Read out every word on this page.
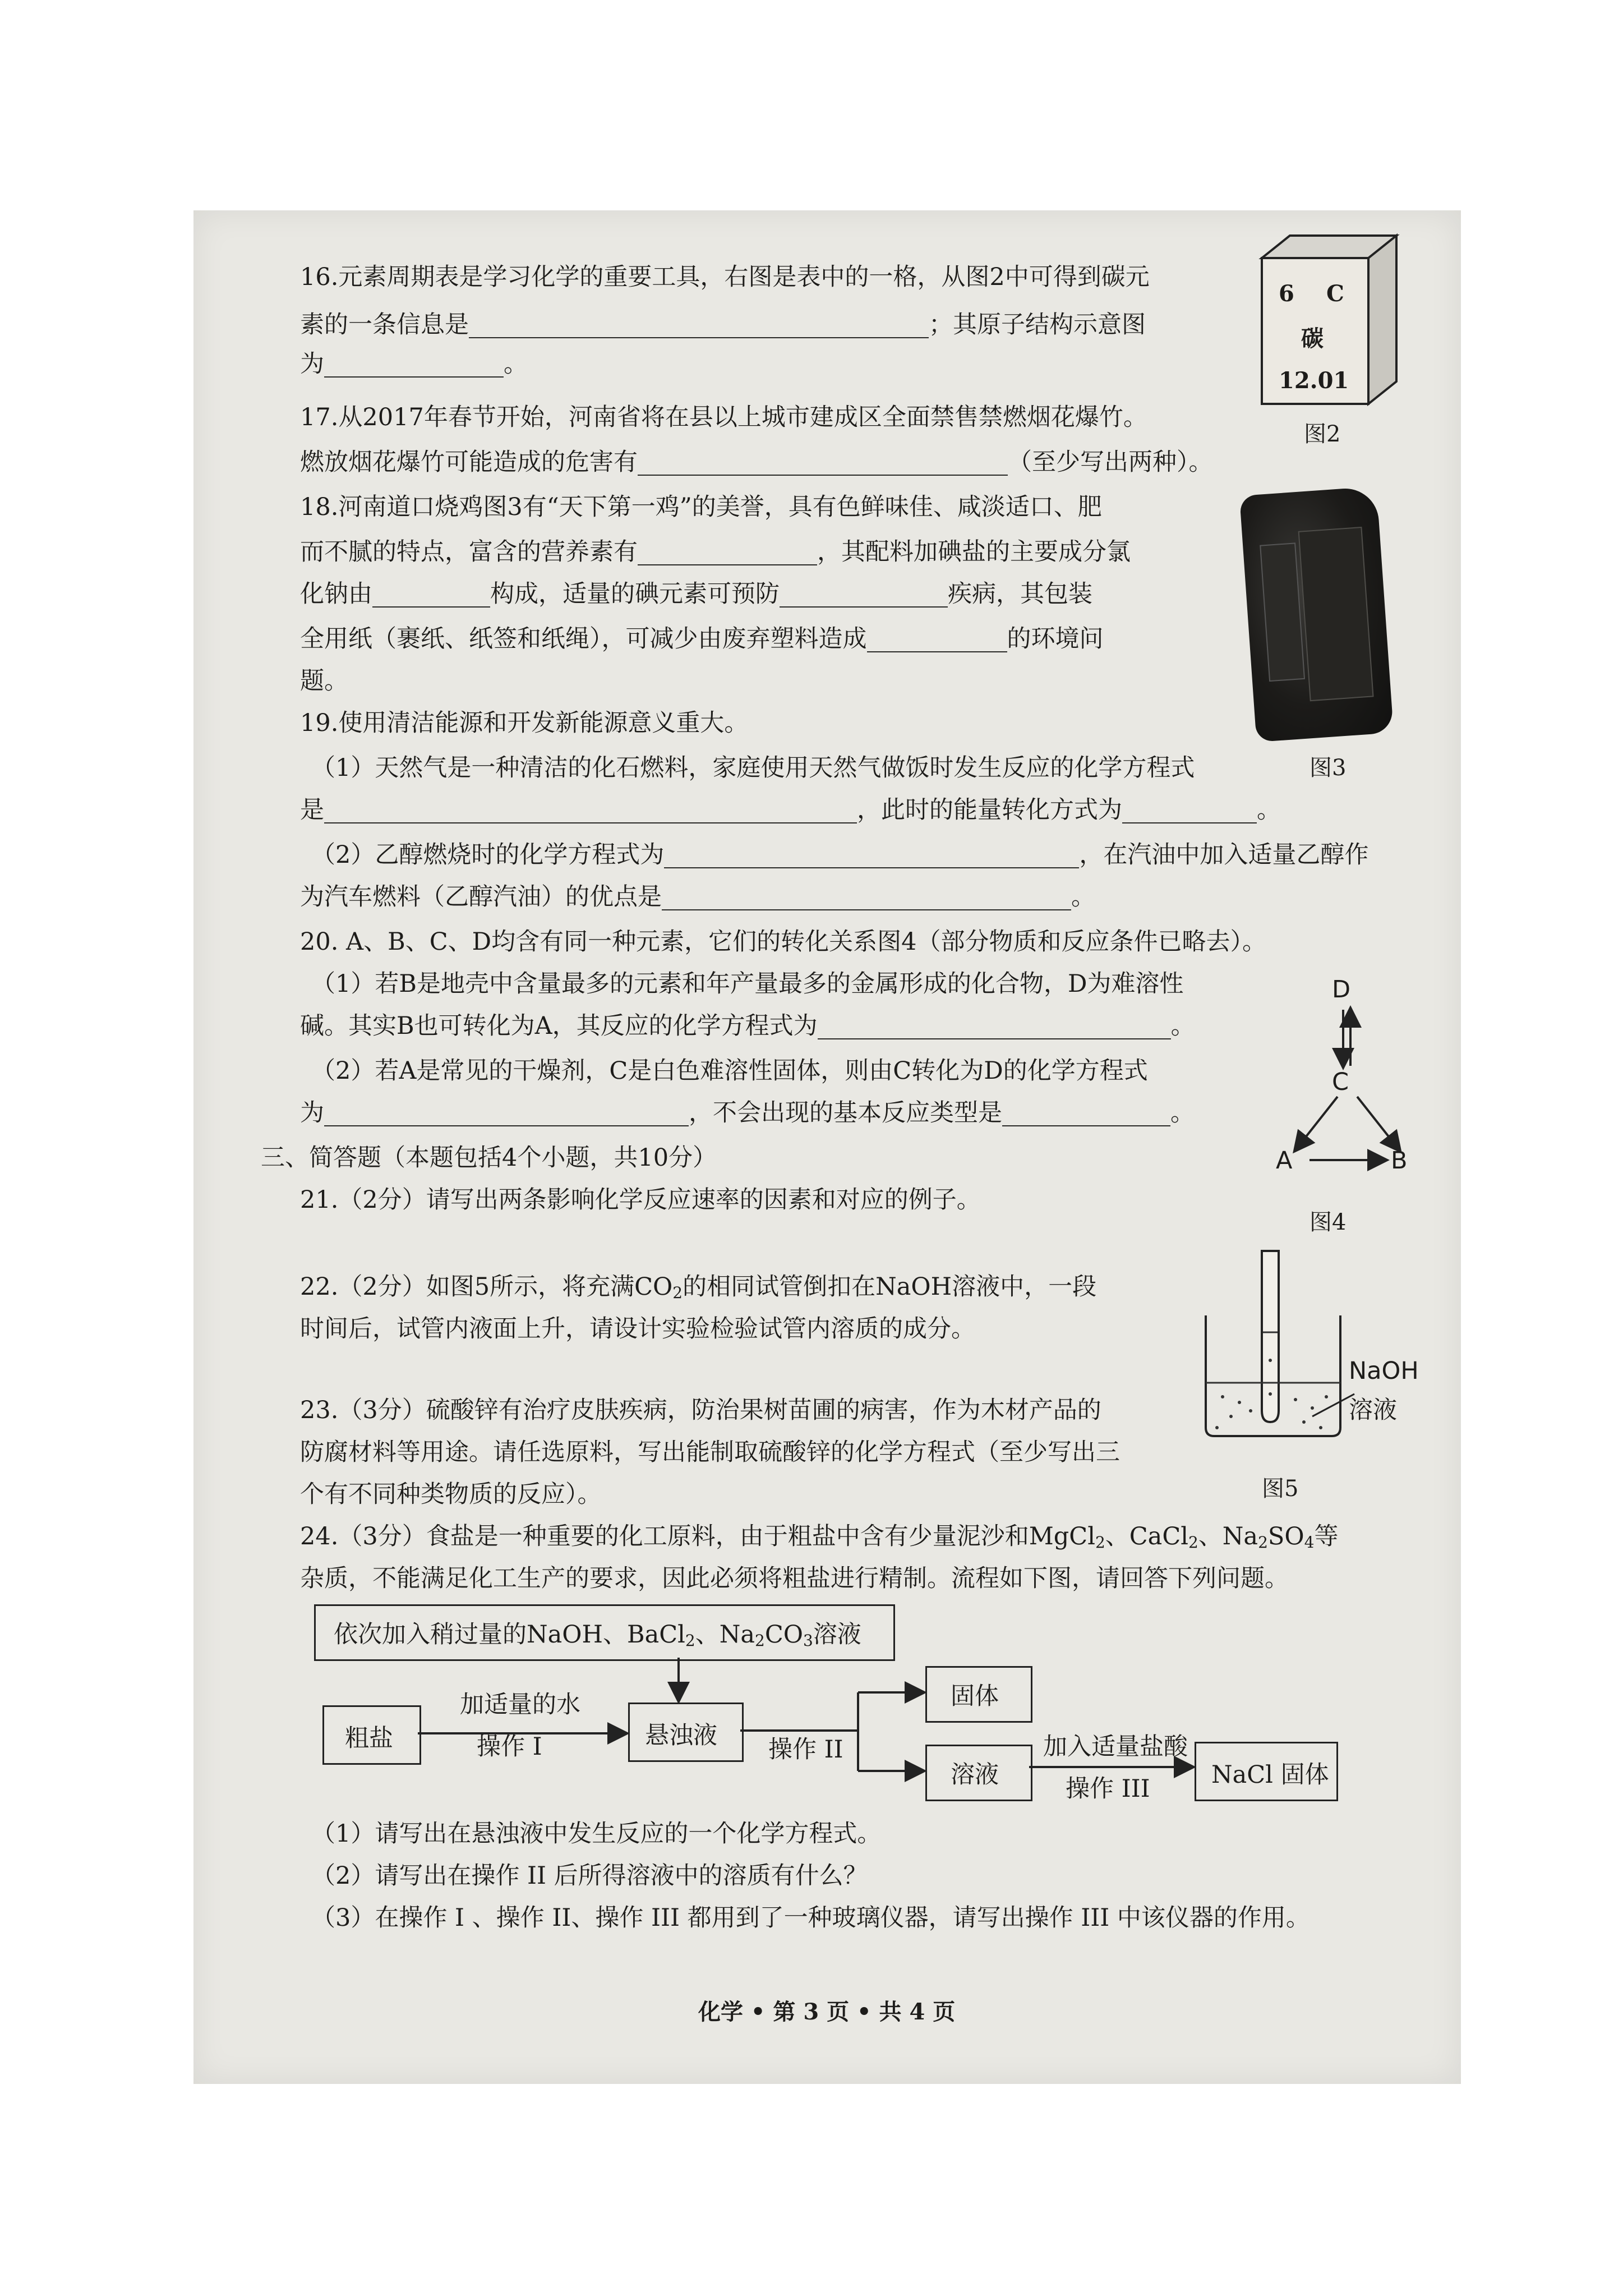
16.元素周期表是学习化学的重要工具，右图是表中的一格，从图2中可得到碳元
素的一条信息是	；其原子结构示意图
为	。
6 C
碳
12.01
图2
17.从2017年春节开始，河南省将在县以上城市建成区全面禁售禁燃烟花爆竹。
燃放烟花爆竹可能造成的危害有	（至少写出两种）。
18.河南道口烧鸡图3有“天下第一鸡”的美誉，具有色鲜味佳、咸淡适口、肥
而不腻的特点，富含的营养素有	，其配料加碘盐的主要成分氯
化钠由	构成，适量的碘元素可预防	疾病，其包装
全用纸（裹纸、纸签和纸绳），可减少由废弃塑料造成	的环境问
题。
图3
19.使用清洁能源和开发新能源意义重大。
（1）天然气是一种清洁的化石燃料，家庭使用天然气做饭时发生反应的化学方程式
是	，此时的能量转化方式为	。
（2）乙醇燃烧时的化学方程式为	，在汽油中加入适量乙醇作
为汽车燃料（乙醇汽油）的优点是	。
20. A、B、C、D均含有同一种元素，它们的转化关系图4（部分物质和反应条件已略去）。
（1）若B是地壳中含量最多的元素和年产量最多的金属形成的化合物，D为难溶性
碱。其实B也可转化为A，其反应的化学方程式为	。
（2）若A是常见的干燥剂，C是白色难溶性固体，则由C转化为D的化学方程式
为	，不会出现的基本反应类型是	。
D
C
A	B
图4
三、简答题（本题包括4个小题，共10分）
21.（2分）请写出两条影响化学反应速率的因素和对应的例子。
22.（2分）如图5所示，将充满$CO_2$的相同试管倒扣在NaOH溶液中，一段
时间后，试管内液面上升，请设计实验检验试管内溶质的成分。
NaOH
溶液
图5
23.（3分）硫酸锌有治疗皮肤疾病，防治果树苗圃的病害，作为木材产品的
防腐材料等用途。请任选原料，写出能制取硫酸锌的化学方程式（至少写出三
个有不同种类物质的反应）。
24.（3分）食盐是一种重要的化工原料，由于粗盐中含有少量泥沙和MgCl$_2$、CaCl$_2$、$Na_2SO_4$等
杂质，不能满足化工生产的要求，因此必须将粗盐进行精制。流程如下图，请回答下列问题。
依次加入稍过量的NaOH、BaCl$_2$、$Na_2CO_3$溶液
粗盐
加适量的水
操作 I	悬浊液 操作 II
固体
溶液
加入适量盐酸
操作 III	NaCl 固体
（1）请写出在悬浊液中发生反应的一个化学方程式。
（2）请写出在操作 II 后所得溶液中的溶质有什么？
（3）在操作 I 、操作 II、操作 III 都用到了一种玻璃仪器，请写出操作 III 中该仪器的作用。
化学 • 第 3 页 • 共 4 页
